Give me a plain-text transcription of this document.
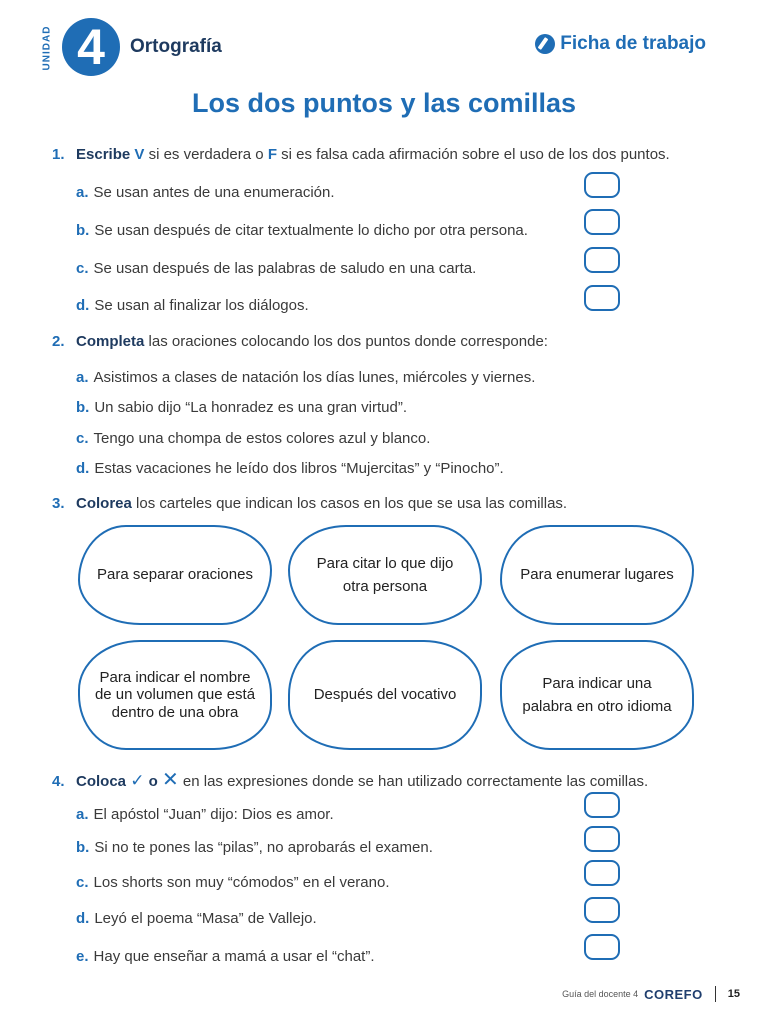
UNIDAD 4	Ortografía	Ficha de trabajo
Los dos puntos y las comillas
1. Escribe V si es verdadera o F si es falsa cada afirmación sobre el uso de los dos puntos.
a. Se usan antes de una enumeración.
b. Se usan después de citar textualmente lo dicho por otra persona.
c. Se usan después de las palabras de saludo en una carta.
d. Se usan al finalizar los diálogos.
2. Completa las oraciones colocando los dos puntos donde corresponde:
a. Asistimos a clases de natación los días lunes, miércoles y viernes.
b. Un sabio dijo “La honradez es una gran virtud”.
c. Tengo una chompa de estos colores azul y blanco.
d. Estas vacaciones he leído dos libros “Mujercitas” y “Pinocho”.
3. Colorea los carteles que indican los casos en los que se usa las comillas.
Para separar oraciones
Para citar lo que dijo otra persona
Para enumerar lugares
Para indicar el nombre de un volumen que está dentro de una obra
Después del vocativo
Para indicar una palabra en otro idioma
4. Coloca ✓ o ✕ en las expresiones donde se han utilizado correctamente las comillas.
a. El apóstol “Juan” dijo: Dios es amor.
b. Si no te pones las “pilas”, no aprobarás el examen.
c. Los shorts son muy “cómodos” en el verano.
d. Leyó el poema “Masa” de Vallejo.
e. Hay que enseñar a mamá a usar el “chat”.
Guía del docente 4 COREFO 15
